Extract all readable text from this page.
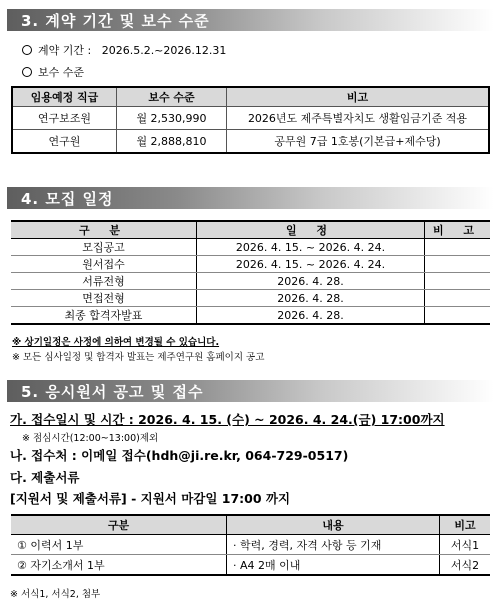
3. 계약 기간 및 보수 수준
계약 기간 : 2026.5.2.~2026.12.31
보수 수준
임용예정 직급	보수 수준	비고
연구보조원	월 2,530,990	2026년도 제주특별자치도 생활임금기준 적용
연구원	월 2,888,810	공무원 7급 1호봉(기본급+제수당)
4. 모집 일정
구 분	일 정	비 고
모집공고	2026. 4. 15. ~ 2026. 4. 24.	
원서접수	2026. 4. 15. ~ 2026. 4. 24.	
서류전형	2026. 4. 28.	
면접전형	2026. 4. 28.	
최종 합격자발표	2026. 4. 28.	
※ 상기일정은 사정에 의하여 변경될 수 있습니다.
※ 모든 심사일정 및 합격자 발표는 제주연구원 홈페이지 공고
5. 응시원서 공고 및 접수
가. 접수일시 및 시간 : 2026. 4. 15. (수) ~ 2026. 4. 24.(금) 17:00까지
※ 점심시간(12:00~13:00)제외
나. 접수처 : 이메일 접수(hdh@ji.re.kr, 064-729-0517)
다. 제출서류
[지원서 및 제출서류] - 지원서 마감일 17:00 까지
구분	내용	비고
① 이력서 1부	· 학력, 경력, 자격 사항 등 기재	서식1
② 자기소개서 1부	· A4 2매 이내	서식2
※ 서식1, 서식2, 첨부
